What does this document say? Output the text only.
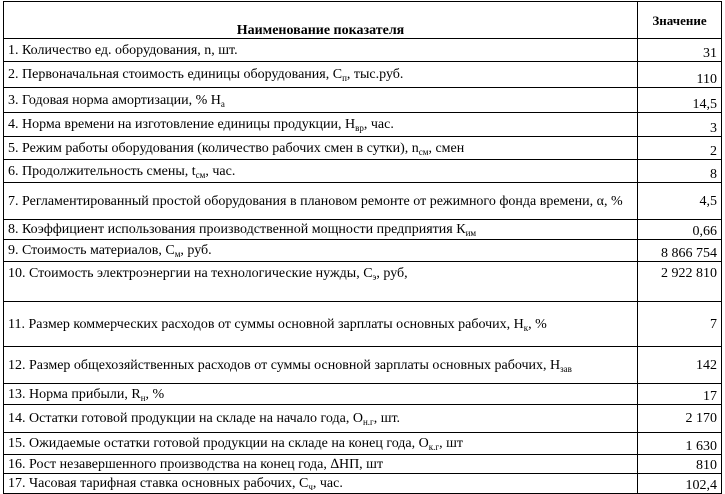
Наименование показателя	Значение
1. Количество ед. оборудования, n, шт.	31
2. Первоначальная стоимость единицы оборудования, $С_п$, тыс.руб.	110
3. Годовая норма амортизации, % $Н_а$	14,5
4. Норма времени на изготовление единицы продукции, $Н_{вр}$, час.	3
5. Режим работы оборудования (количество рабочих смен в сутки), $n_{см}$, смен	2
6. Продолжительность смены, $t_{см}$, час.	8
7. Регламентированный простой оборудования в плановом ремонте от режимного фонда времени, α, %	4,5
8. Коэффициент использования производственной мощности предприятия $К_{им}$	0,66
9. Стоимость материалов, $С_м$, руб.	8 866 754
10. Стоимость электроэнергии на технологические нужды, $С_э$, руб,	2 922 810
11. Размер коммерческих расходов от суммы основной зарплаты основных рабочих, $Н_к$, %	7
12. Размер общехозяйственных расходов от суммы основной зарплаты основных рабочих, $Н_{зав}$	142
13. Норма прибыли, $R_н$, %	17
14. Остатки готовой продукции на складе на начало года, $О_{н.г}$, шт.	2 170
15. Ожидаемые остатки готовой продукции на складе на конец года, $О_{к.г}$, шт	1 630
16. Рост незавершенного производства на конец года, ∆НП, шт	810
17. Часовая тарифная ставка основных рабочих, $С_ч$, час.	102,4
